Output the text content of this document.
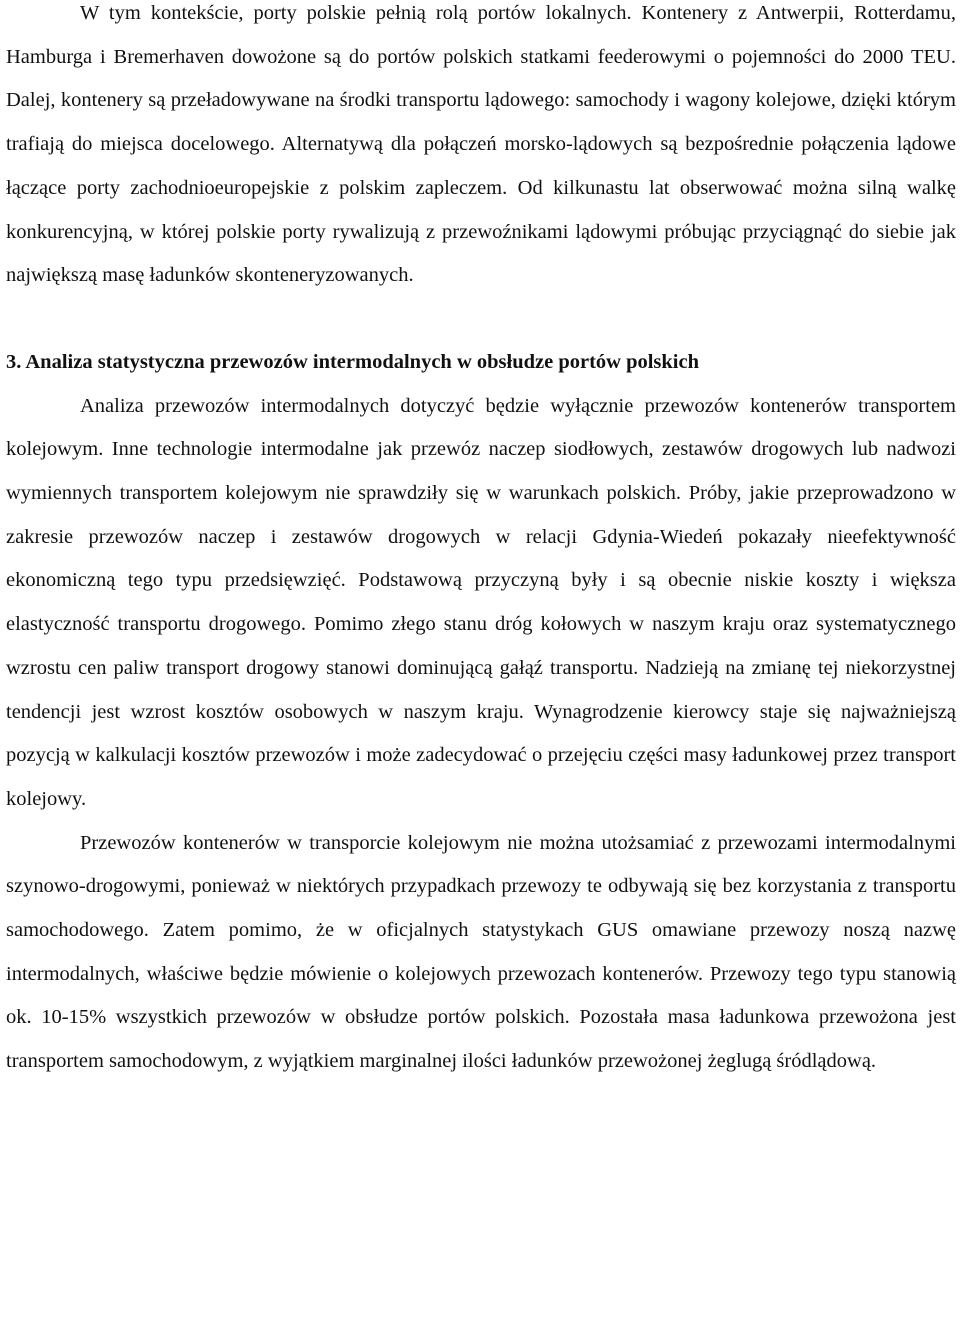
W tym kontekście, porty polskie pełnią rolą portów lokalnych. Kontenery z Antwerpii, Rotterdamu, Hamburga i Bremerhaven dowożone są do portów polskich statkami feederowymi o pojemności do 2000 TEU. Dalej, kontenery są przeładowywane na środki transportu lądowego: samochody i wagony kolejowe, dzięki którym trafiają do miejsca docelowego. Alternatywą dla połączeń morsko-lądowych są bezpośrednie połączenia lądowe łączące porty zachodnioeuropejskie z polskim zapleczem. Od kilkunastu lat obserwować można silną walkę konkurencyjną, w której polskie porty rywalizują z przewoźnikami lądowymi próbując przyciągnąć do siebie jak największą masę ładunków skonteneryzowanych.

3. Analiza statystyczna przewozów intermodalnych w obsłudze portów polskich

Analiza przewozów intermodalnych dotyczyć będzie wyłącznie przewozów kontenerów transportem kolejowym. Inne technologie intermodalne jak przewóz naczep siodłowych, zestawów drogowych lub nadwozi wymiennych transportem kolejowym nie sprawdziły się w warunkach polskich. Próby, jakie przeprowadzono w zakresie przewozów naczep i zestawów drogowych w relacji Gdynia-Wiedeń pokazały nieefektywność ekonomiczną tego typu przedsięwzięć. Podstawową przyczyną były i są obecnie niskie koszty i większa elastyczność transportu drogowego. Pomimo złego stanu dróg kołowych w naszym kraju oraz systematycznego wzrostu cen paliw transport drogowy stanowi dominującą gałąź transportu. Nadzieją na zmianę tej niekorzystnej tendencji jest wzrost kosztów osobowych w naszym kraju. Wynagrodzenie kierowcy staje się najważniejszą pozycją w kalkulacji kosztów przewozów i może zadecydować o przejęciu części masy ładunkowej przez transport kolejowy.

Przewozów kontenerów w transporcie kolejowym nie można utożsamiać z przewozami intermodalnymi szynowo-drogowymi, ponieważ w niektórych przypadkach przewozy te odbywają się bez korzystania z transportu samochodowego. Zatem pomimo, że w oficjalnych statystykach GUS omawiane przewozy noszą nazwę intermodalnych, właściwe będzie mówienie o kolejowych przewozach kontenerów. Przewozy tego typu stanowią ok. 10-15% wszystkich przewozów w obsłudze portów polskich. Pozostała masa ładunkowa przewożona jest transportem samochodowym, z wyjątkiem marginalnej ilości ładunków przewożonej żeglugą śródlądową.
